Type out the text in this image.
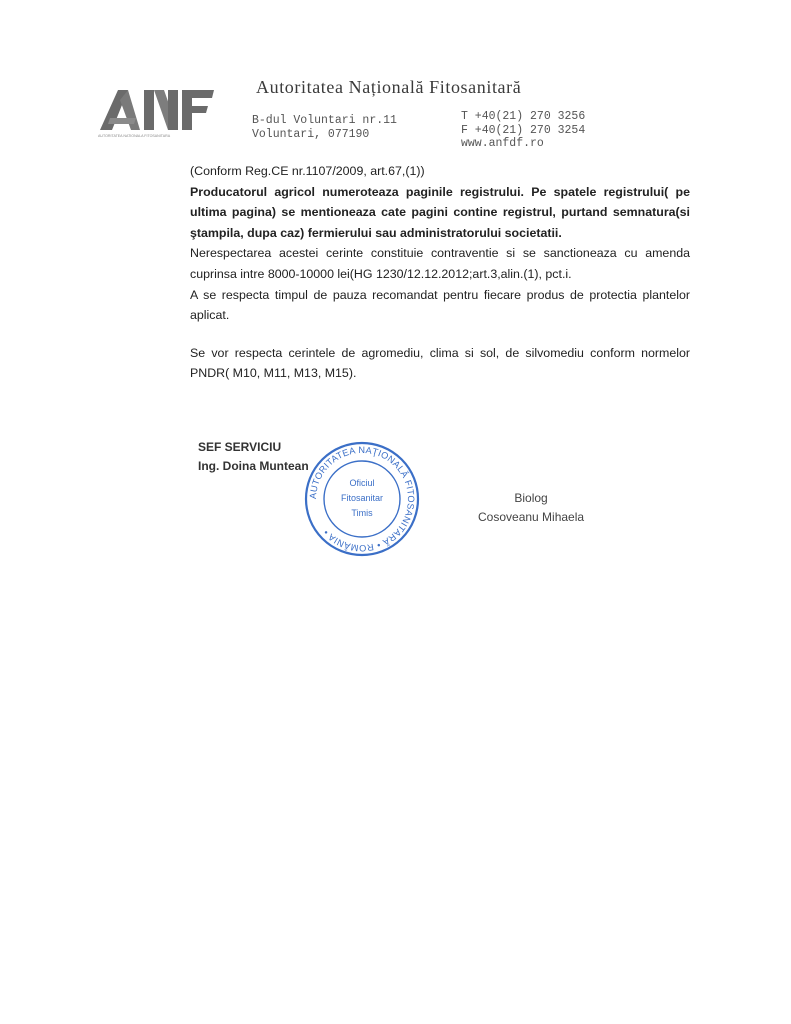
AUTORITATEA NATIONALA FITOSANITARA
Autoritatea Națională Fitosanitară
B-dul Voluntari nr.11
Voluntari, 077190
T +40(21) 270 3256
F +40(21) 270 3254
www.anfdf.ro

(Conform Reg.CE nr.1107/2009, art.67,(1))

Producatorul agricol numeroteaza paginile registrului. Pe spatele registrului( pe ultima pagina) se mentioneaza cate pagini contine registrul, purtand semnatura(si ştampila, dupa caz) fermierului sau administratorului societatii.

Nerespectarea acestei cerinte constituie contraventie si se sanctioneaza cu amenda cuprinsa intre 8000-10000 lei(HG 1230/12.12.2012;art.3,alin.(1), pct.i.

A se respecta timpul de pauza recomandat pentru fiecare produs de protectia plantelor aplicat.

Se vor respecta cerintele de agromediu, clima si sol, de silvomediu conform normelor PNDR( M10, M11, M13, M15).

SEF SERVICIU
Ing. Doina Muntean
AUTORITATEA NAŢIONALĂ FITOSANITARĂ • ROMÂNIA •
Oficiul
Fitosanitar
Timis
Biolog
Cosoveanu Mihaela
